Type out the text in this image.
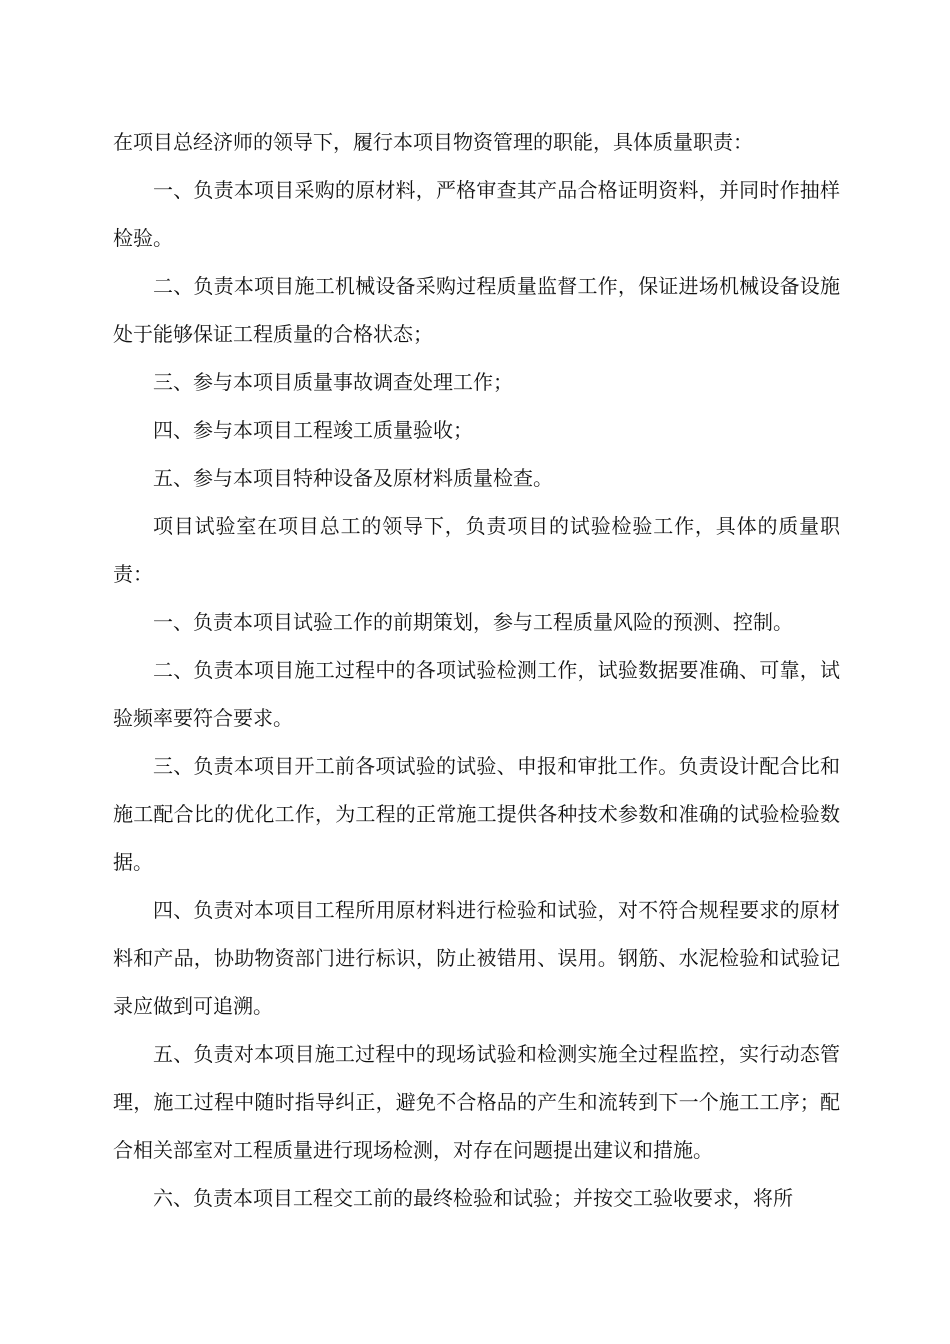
在项目总经济师的领导下，履行本项目物资管理的职能，具体质量职责：

一、负责本项目采购的原材料，严格审查其产品合格证明资料，并同时作抽样检验。

二、负责本项目施工机械设备采购过程质量监督工作，保证进场机械设备设施处于能够保证工程质量的合格状态；

三、参与本项目质量事故调查处理工作；

四、参与本项目工程竣工质量验收；

五、参与本项目特种设备及原材料质量检查。

项目试验室在项目总工的领导下，负责项目的试验检验工作，具体的质量职责：

一、负责本项目试验工作的前期策划，参与工程质量风险的预测、控制。

二、负责本项目施工过程中的各项试验检测工作，试验数据要准确、可靠，试验频率要符合要求。

三、负责本项目开工前各项试验的试验、申报和审批工作。负责设计配合比和施工配合比的优化工作，为工程的正常施工提供各种技术参数和准确的试验检验数据。

四、负责对本项目工程所用原材料进行检验和试验，对不符合规程要求的原材料和产品，协助物资部门进行标识，防止被错用、误用。钢筋、水泥检验和试验记录应做到可追溯。

五、负责对本项目施工过程中的现场试验和检测实施全过程监控，实行动态管理，施工过程中随时指导纠正，避免不合格品的产生和流转到下一个施工工序；配合相关部室对工程质量进行现场检测，对存在问题提出建议和措施。

六、负责本项目工程交工前的最终检验和试验；并按交工验收要求，将所
